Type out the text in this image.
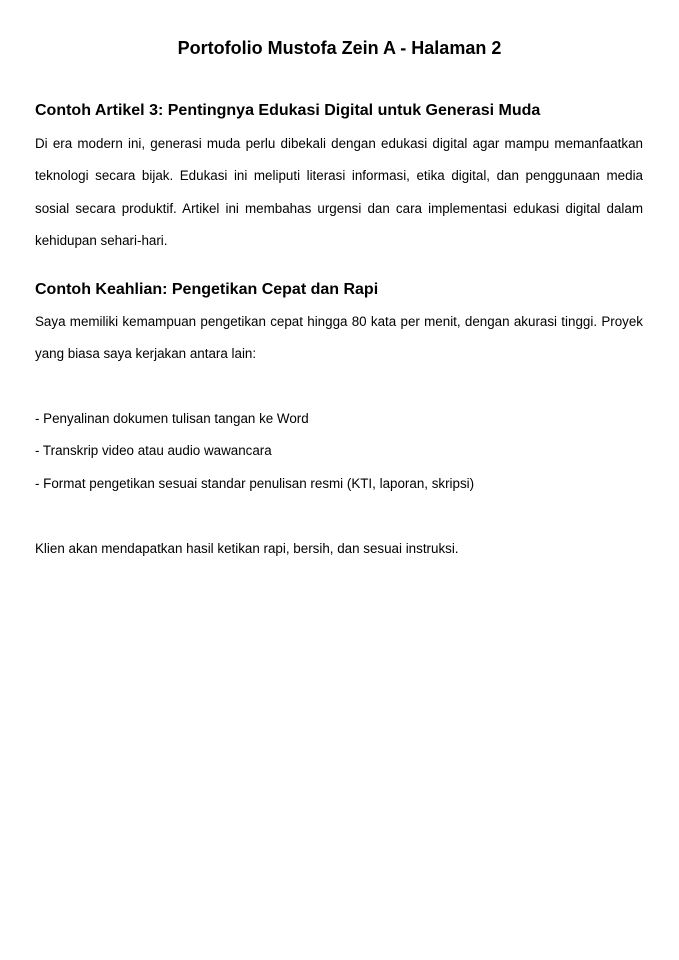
Portofolio Mustofa Zein A - Halaman 2
Contoh Artikel 3: Pentingnya Edukasi Digital untuk Generasi Muda

Di era modern ini, generasi muda perlu dibekali dengan edukasi digital agar mampu memanfaatkan teknologi secara bijak. Edukasi ini meliputi literasi informasi, etika digital, dan penggunaan media sosial secara produktif. Artikel ini membahas urgensi dan cara implementasi edukasi digital dalam kehidupan sehari-hari.

Contoh Keahlian: Pengetikan Cepat dan Rapi

Saya memiliki kemampuan pengetikan cepat hingga 80 kata per menit, dengan akurasi tinggi. Proyek yang biasa saya kerjakan antara lain:

- Penyalinan dokumen tulisan tangan ke Word

- Transkrip video atau audio wawancara

- Format pengetikan sesuai standar penulisan resmi (KTI, laporan, skripsi)

Klien akan mendapatkan hasil ketikan rapi, bersih, dan sesuai instruksi.
